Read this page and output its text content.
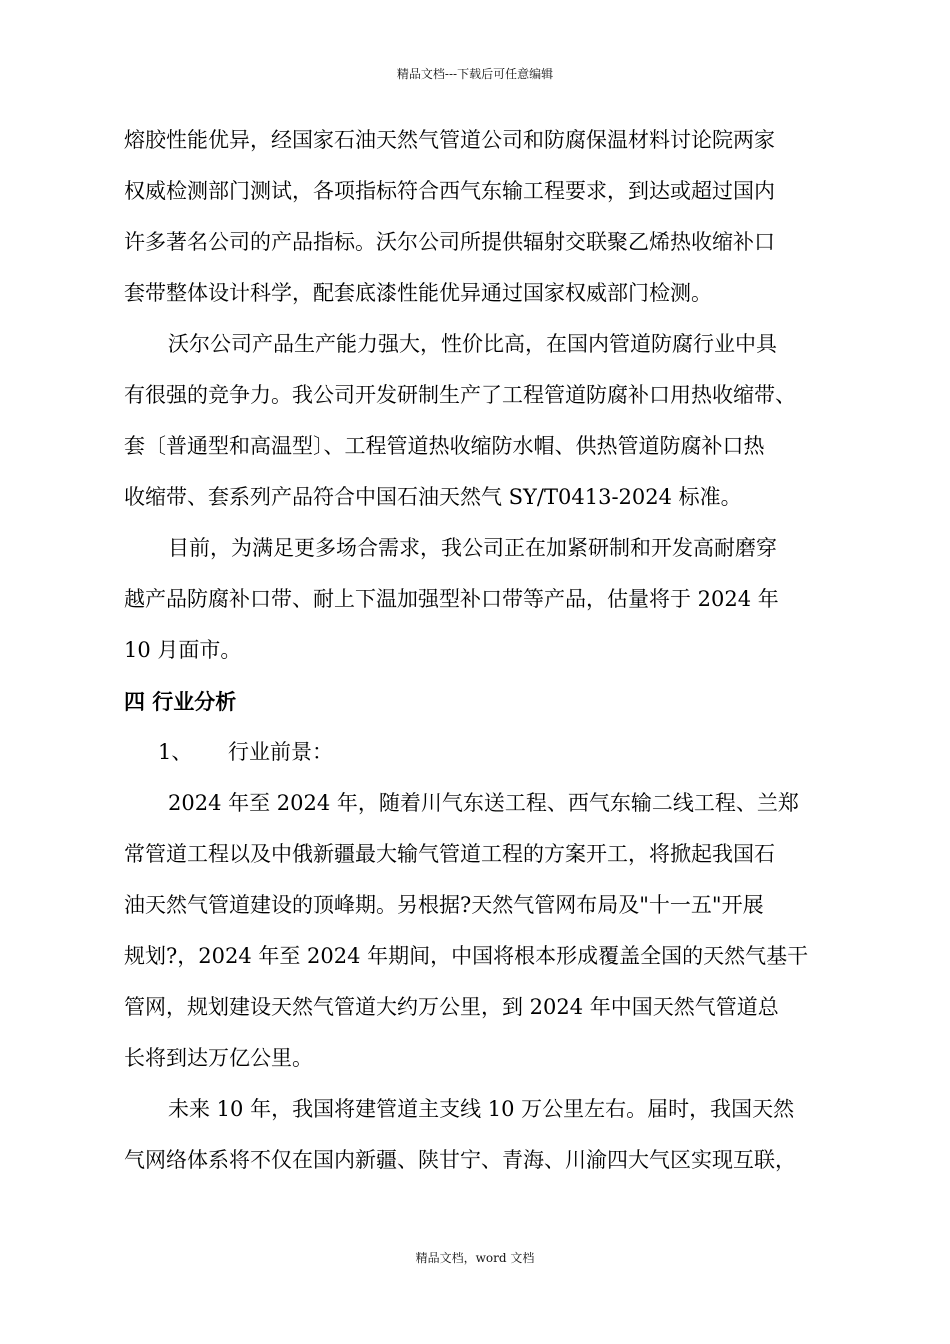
精品文档---下载后可任意编辑
熔胶性能优异，经国家石油天然气管道公司和防腐保温材料讨论院两家
权威检测部门测试，各项指标符合西气东输工程要求，到达或超过国内
许多著名公司的产品指标。沃尔公司所提供辐射交联聚乙烯热收缩补口
套带整体设计科学，配套底漆性能优异通过国家权威部门检测。
沃尔公司产品生产能力强大，性价比高，在国内管道防腐行业中具
有很强的竞争力。我公司开发研制生产了工程管道防腐补口用热收缩带、
套〔普通型和高温型〕、工程管道热收缩防水帽、供热管道防腐补口热
收缩带、套系列产品符合中国石油天然气 SY/T0413-2024 标准。
目前，为满足更多场合需求，我公司正在加紧研制和开发高耐磨穿
越产品防腐补口带、耐上下温加强型补口带等产品，估量将于 2024 年
10 月面市。
四 行业分析
1、 行业前景：
2024 年至 2024 年，随着川气东送工程、西气东输二线工程、兰郑
常管道工程以及中俄新疆最大输气管道工程的方案开工，将掀起我国石
油天然气管道建设的顶峰期。另根据?天然气管网布局及"十一五"开展
规划?，2024 年至 2024 年期间，中国将根本形成覆盖全国的天然气基干
管网，规划建设天然气管道大约万公里，到 2024 年中国天然气管道总
长将到达万亿公里。
未来 10 年，我国将建管道主支线 10 万公里左右。届时，我国天然
气网络体系将不仅在国内新疆、陕甘宁、青海、川渝四大气区实现互联，
精品文档，word 文档
